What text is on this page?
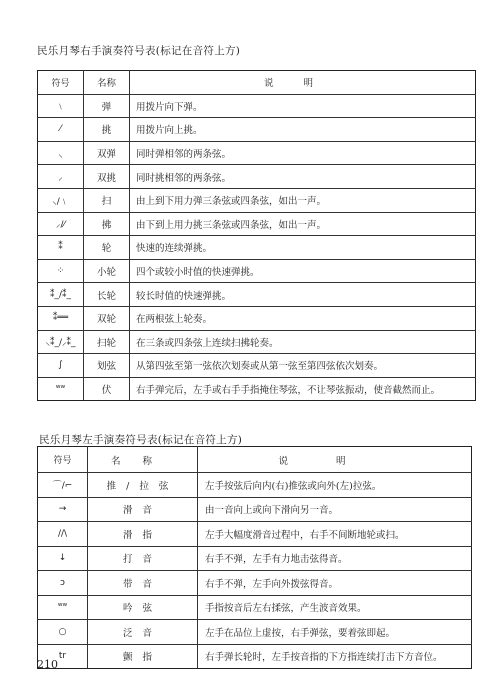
民乐月琴右手演奏符号表(标记在音符上方)
符号	名称	说明
﹨	弹	用拨片向下弹。
⁄	挑	用拨片向上挑。
⸜	双弹	同时弹相邻的两条弦。
⸝	双挑	同时挑相邻的两条弦。
⸜/﹨	扫	由上到下用力弹三条弦或四条弦，如出一声。
⸝/⁄	拂	由下到上用力挑三条弦或四条弦，如出一声。
⁑	轮	快速的连续弹挑。
⁘	小轮	四个或较小时值的快速弹挑。
⁑_/⁑_	长轮	较长时值的快速弹挑。
⁑══	双轮	在两根弦上轮奏。
⸜⁑_/⸝⁑_	扫轮	在三条或四条弦上连续扫拂轮奏。
∫	划弦	从第四弦至第一弦依次划奏或从第一弦至第四弦依次划奏。
ʷʷ	伏	右手弹完后，左手或右手手指掩住琴弦，不让琴弦振动，使音截然而止。
民乐月琴左手演奏符号表(标记在音符上方)
符号	名称	说明
⌒/⌐	推/拉弦	左手按弦后向内(右)推弦或向外(左)拉弦。
→	滑音	由一音向上或向下滑向另一音。
//\	滑指	左手大幅度滑音过程中，右手不间断地轮或扫。
↓	打音	右手不弹，左手有力地击弦得音。
ɔ	带音	右手不弹，左手向外拨弦得音。
ʷʷ	吟弦	手指按音后左右揉弦，产生波音效果。
○	泛音	左手在品位上虚按，右手弹弦，要着弦即起。
tr	颤指	右手弹长轮时，左手按音指的下方指连续打击下方音位。
210
